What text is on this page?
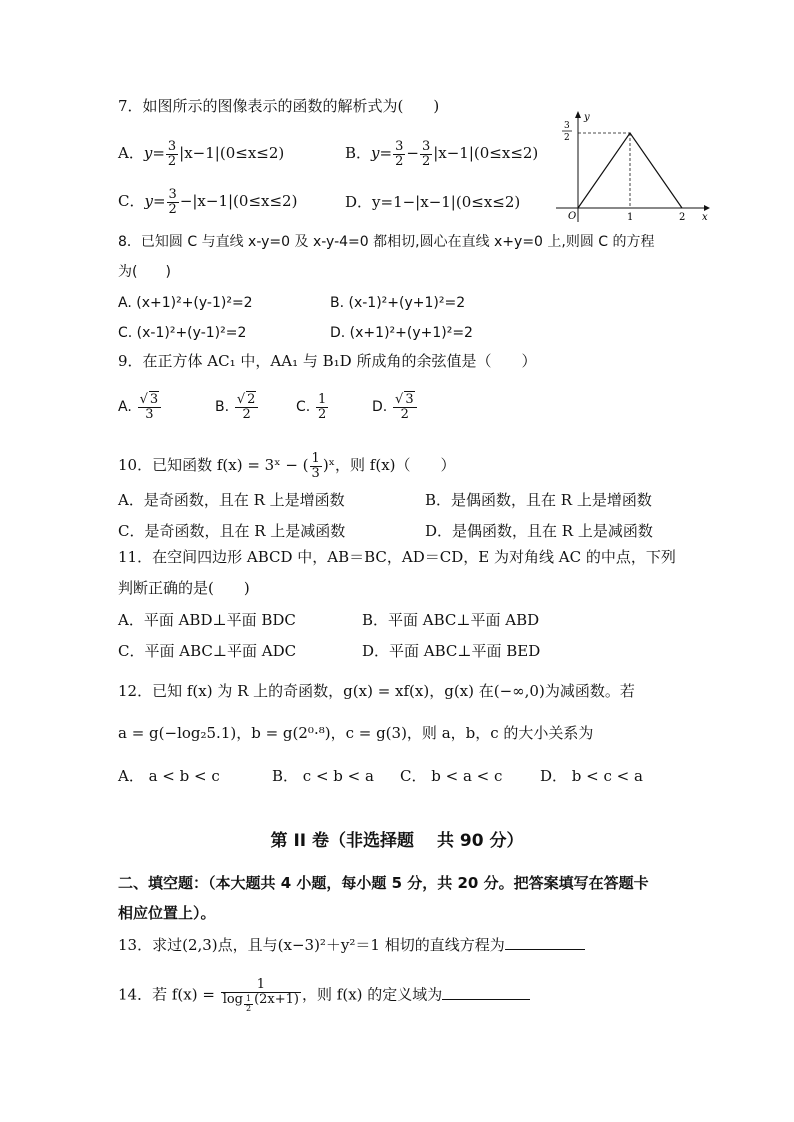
7．如图所示的图像表示的函数的解析式为(　　)
A．$y= \frac{3}{2} |x-1|(0\le x\le 2)$	B．$y= \frac{3}{2} - \frac{3}{2} |x-1|(0\le x\le 2)$
C．$y= \frac{3}{2} -|x-1|(0\le x\le 2)$	D．y=1−|x−1|(0≤x≤2)
y
x
O
3
2
1	2
8．已知圆 C 与直线 x-y=0 及 x-y-4=0 都相切,圆心在直线 x+y=0 上,则圆 C 的方程
为(　　)
A. (x+1)²+(y-1)²=2	B. (x-1)²+(y+1)²=2
C. (x-1)²+(y-1)²=2	D. (x+1)²+(y+1)²=2
9．在正方体 AC₁ 中，AA₁ 与 B₁D 所成角的余弦值是（　　）
A. $\frac{√ 3}{3}$	B. $\frac{√ 2}{2}$	C. $\frac{1}{2}$	D. $\frac{√ 3}{2}$
10．已知函数 f(x) = 3ˣ − ( $\frac{1}{3}$ )ˣ，则 f(x)（　　）
A．是奇函数，且在 R 上是增函数	B．是偶函数，且在 R 上是增函数
C．是奇函数，且在 R 上是减函数	D．是偶函数，且在 R 上是减函数
11．在空间四边形 ABCD 中，AB＝BC，AD＝CD，E 为对角线 AC 的中点，下列
判断正确的是(　　)
A．平面 ABD⊥平面 BDC	B．平面 ABC⊥平面 ABD
C．平面 ABC⊥平面 ADC	D．平面 ABC⊥平面 BED
12．已知 f(x) 为 R 上的奇函数，g(x) = xf(x)，g(x) 在(−∞,0)为减函数。若
a = g(−log₂5.1)，b = g(2⁰·⁸)，c = g(3)，则 a，b，c 的大小关系为
A． a < b < c	B． c < b < a C． b < a < c	D． b < c < a
第 II 卷（非选择题　 共 90 分）
二、填空题：（本大题共 4 小题，每小题 5 分，共 20 分。把答案填写在答题卡
相应位置上）。
13．求过(2,3)点，且与(x−3)²＋y²＝1 相切的直线方程为
14．若 f(x) = 1
log $_{\frac{1}{2}}$ (2x+1) ，则 f(x) 的定义域为
